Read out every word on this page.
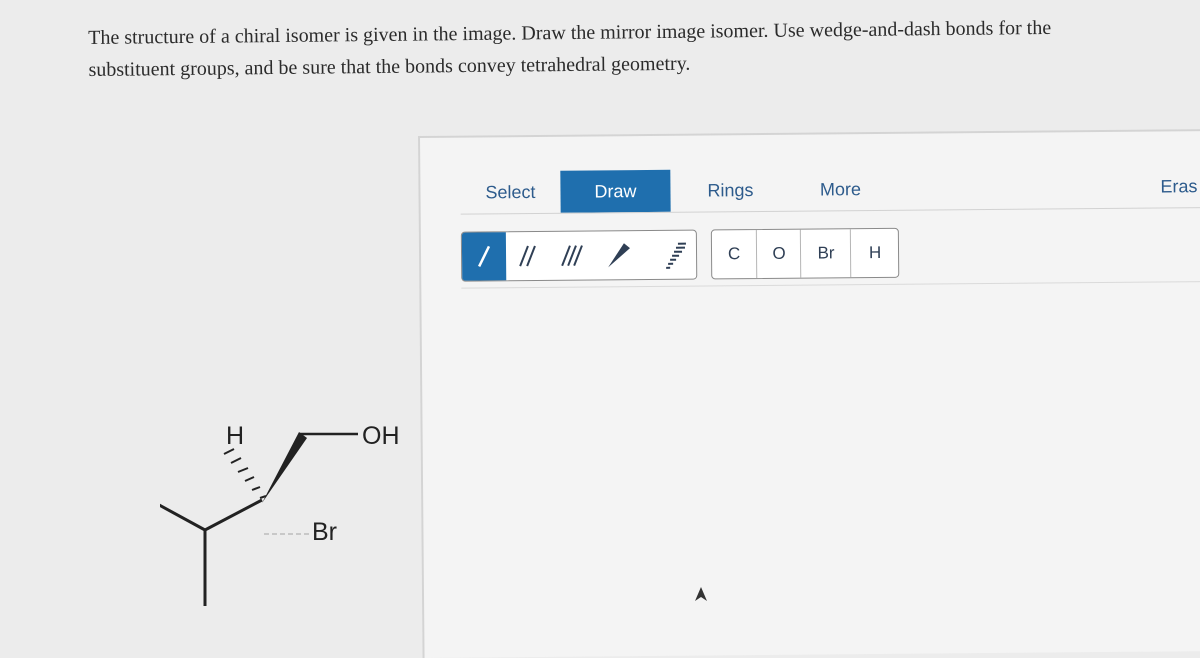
The structure of a chiral isomer is given in the image. Draw the mirror image isomer. Use wedge-and-dash bonds for the
substituent groups, and be sure that the bonds convey tetrahedral geometry.
H	OH
Br
Select	Draw	Rings	More	Eras
C	O	Br	H
